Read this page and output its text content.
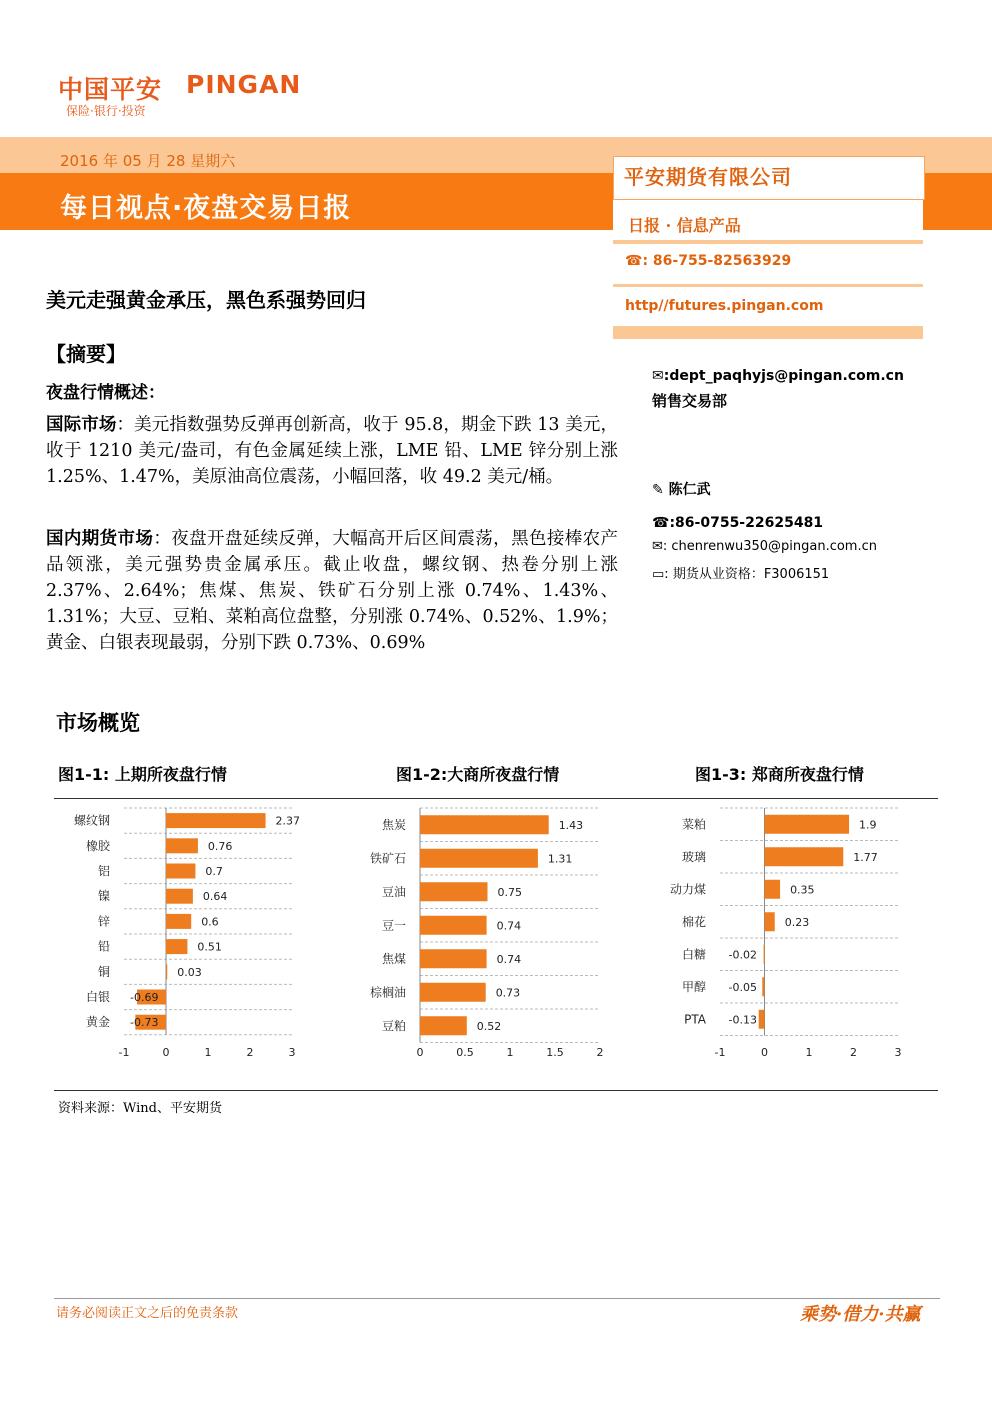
中国平安 PINGAN
保险·银行·投资
2016 年 05 月 28 星期六
每日视点·夜盘交易日报
平安期货有限公司
日报 · 信息产品
☎: 86-755-82563929
http//futures.pingan.com
✉:dept_paqhyjs@pingan.com.cn
销售交易部
✎ 陈仁武
☎:86-0755-22625481
✉: chenrenwu350@pingan.com.cn
▭: 期货从业资格：F3006151
美元走强黄金承压，黑色系强势回归
【摘要】
夜盘行情概述：
国际市场：美元指数强势反弹再创新高，收于 95.8，期金下跌 13 美元，收于 1210 美元/盎司，有色金属延续上涨，LME 铅、LME 锌分别上涨 1.25%、1.47%，美原油高位震荡，小幅回落，收 49.2 美元/桶。
国内期货市场：夜盘开盘延续反弹，大幅高开后区间震荡，黑色接棒农产品领涨，美元强势贵金属承压。截止收盘，螺纹钢、热卷分别上涨 2.37%、2.64%；焦煤、焦炭、铁矿石分别上涨 0.74%、1.43%、1.31%；大豆、豆粕、菜粕高位盘整，分别涨 0.74%、0.52%、1.9%；黄金、白银表现最弱，分别下跌 0.73%、0.69%
市场概览
图1-1: 上期所夜盘行情	图1-2:大商所夜盘行情	图1-3: 郑商所夜盘行情
螺纹钢	2.37
橡胶	0.76
铝	0.7
镍	0.64
锌	0.6
铅	0.51
铜	0.03
白银 -0.69
黄金 -0.73
-1	0	1	2	3
焦炭	1.43
铁矿石	1.31
豆油	0.75
豆一	0.74
焦煤	0.74
棕榈油	0.73
豆粕	0.52
0	0.5	1	1.5	2
菜粕	1.9
玻璃	1.77
动力煤	0.35
棉花	0.23
白糖 -0.02
甲醇 -0.05
PTA -0.13
-1	0	1	2	3
资料来源：Wind、平安期货
请务必阅读正文之后的免责条款	乘势·借力·共赢
